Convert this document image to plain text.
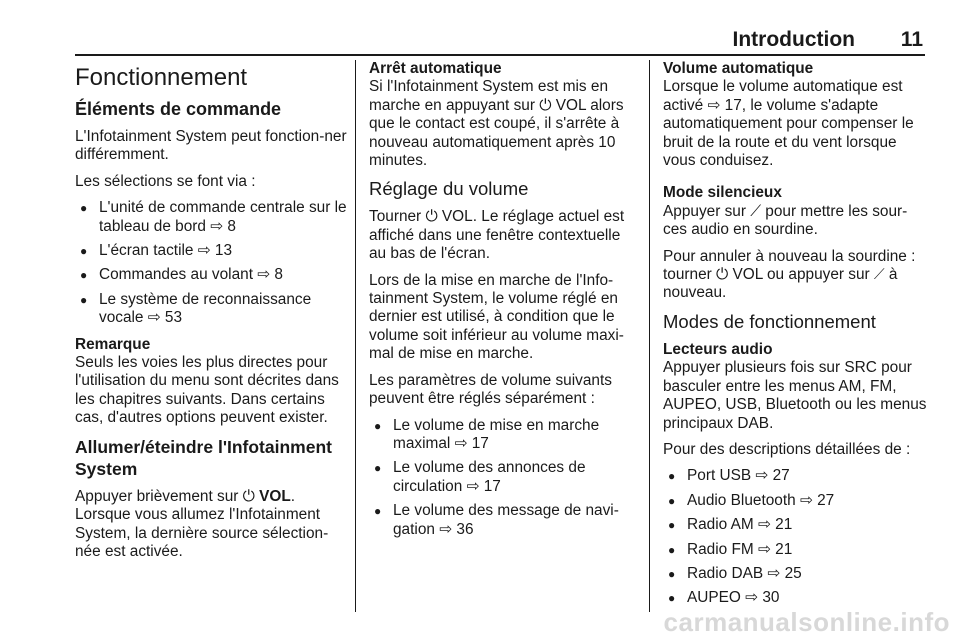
Introduction 11
Fonctionnement
Éléments de commande

L'Infotainment System peut fonction-ner différemment.

Les sélections se font via :

● L'unité de commande centrale sur le tableau de bord ⇨ 8
● L'écran tactile ⇨ 13
● Commandes au volant ⇨ 8
● Le système de reconnaissance vocale ⇨ 53
Remarque
Seuls les voies les plus directes pour l'utilisation du menu sont décrites dans les chapitres suivants. Dans certains cas, d'autres options peuvent exister.
Allumer/éteindre l'Infotainment System

Appuyer brièvement sur ⏻ VOL. Lorsque vous allumez l'Infotainment System, la dernière source sélection-née est activée.

Arrêt automatique

Si l'Infotainment System est mis en marche en appuyant sur ⏻ VOL alors que le contact est coupé, il s'arrête à nouveau automatiquement après 10 minutes.

Réglage du volume

Tourner ⏻ VOL. Le réglage actuel est affiché dans une fenêtre contextuelle au bas de l'écran.

Lors de la mise en marche de l'Info-tainment System, le volume réglé en dernier est utilisé, à condition que le volume soit inférieur au volume maxi-mal de mise en marche.

Les paramètres de volume suivants peuvent être réglés séparément :

● Le volume de mise en marche maximal ⇨ 17
● Le volume des annonces de circulation ⇨ 17
● Le volume des message de navi-gation ⇨ 36
Volume automatique

Lorsque le volume automatique est activé ⇨ 17, le volume s'adapte automatiquement pour compenser le bruit de la route et du vent lorsque vous conduisez.

Mode silencieux

Appuyer sur ⟋ pour mettre les sour-ces audio en sourdine.

Pour annuler à nouveau la sourdine : tourner ⏻ VOL ou appuyer sur ⟋ à nouveau.

Modes de fonctionnement
Lecteurs audio

Appuyer plusieurs fois sur SRC pour basculer entre les menus AM, FM, AUPEO, USB, Bluetooth ou les menus principaux DAB.

Pour des descriptions détaillées de :

● Port USB ⇨ 27
● Audio Bluetooth ⇨ 27
● Radio AM ⇨ 21
● Radio FM ⇨ 21
● Radio DAB ⇨ 25
● AUPEO ⇨ 30
carmanualsonline.info
